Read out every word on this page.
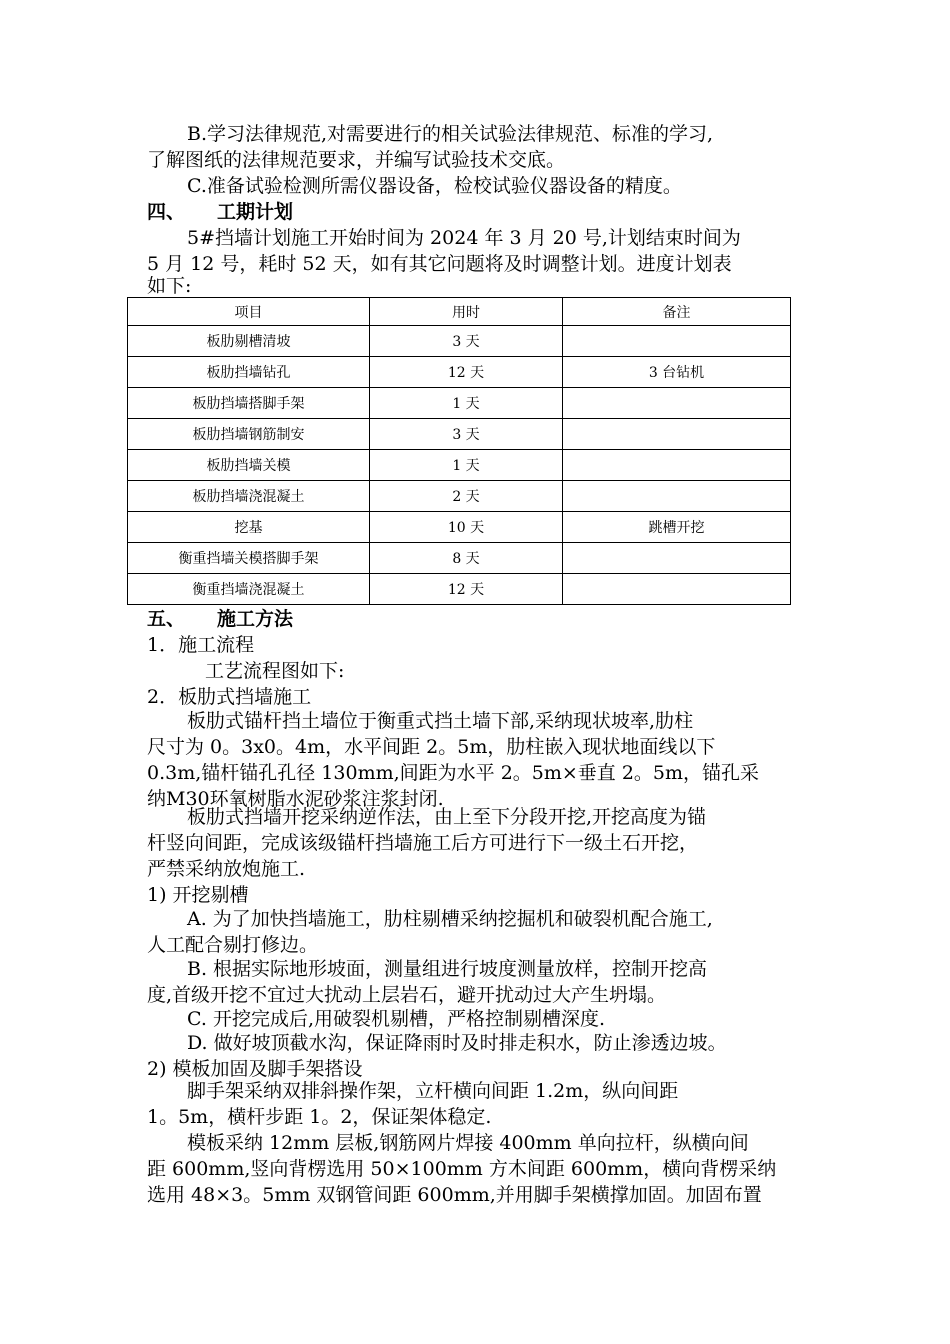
B.学习法律规范,对需要进行的相关试验法律规范、标准的学习,
了解图纸的法律规范要求，并编写试验技术交底。
C.准备试验检测所需仪器设备，检校试验仪器设备的精度。
四、 工期计划
5#挡墙计划施工开始时间为 2024 年 3 月 20 号,计划结束时间为
5 月 12 号，耗时 52 天，如有其它问题将及时调整计划。进度计划表
如下:
项目	用时	备注
板肋剔槽清坡	3 天	
板肋挡墙钻孔	12 天	3 台钻机
板肋挡墙搭脚手架	1 天	
板肋挡墙钢筋制安	3 天	
板肋挡墙关模	1 天	
板肋挡墙浇混凝土	2 天	
挖基	10 天	跳槽开挖
衡重挡墙关模搭脚手架	8 天	
衡重挡墙浇混凝土	12 天	
五、 施工方法
1．施工流程
工艺流程图如下:
2．板肋式挡墙施工
板肋式锚杆挡土墙位于衡重式挡土墙下部,采纳现状坡率,肋柱
尺寸为 0。3x0。4m，水平间距 2。5m，肋柱嵌入现状地面线以下
0.3m,锚杆锚孔孔径 130mm,间距为水平 2。5m×垂直 2。5m，锚孔采
纳M30环氧树脂水泥砂浆注浆封闭.
板肋式挡墙开挖采纳逆作法，由上至下分段开挖,开挖高度为锚
杆竖向间距，完成该级锚杆挡墙施工后方可进行下一级土石开挖，
严禁采纳放炮施工.
1) 开挖剔槽
A. 为了加快挡墙施工，肋柱剔槽采纳挖掘机和破裂机配合施工,
人工配合剔打修边。
B. 根据实际地形坡面，测量组进行坡度测量放样，控制开挖高
度,首级开挖不宜过大扰动上层岩石，避开扰动过大产生坍塌。
C. 开挖完成后,用破裂机剔槽，严格控制剔槽深度.
D. 做好坡顶截水沟，保证降雨时及时排走积水，防止渗透边坡。
2) 模板加固及脚手架搭设
脚手架采纳双排斜操作架，立杆横向间距 1.2m，纵向间距
1。5m，横杆步距 1。2，保证架体稳定.
模板采纳 12mm 层板,钢筋网片焊接 400mm 单向拉杆，纵横向间
距 600mm,竖向背楞选用 50×100mm 方木间距 600mm，横向背楞采纳
选用 48×3。5mm 双钢管间距 600mm,并用脚手架横撑加固。加固布置
